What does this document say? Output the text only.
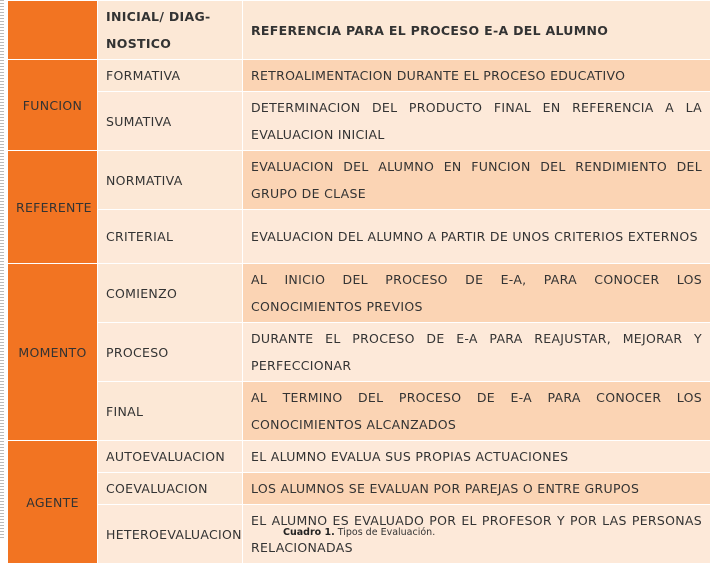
	INICIAL/ DIAG-NOSTICO	REFERENCIA PARA EL PROCESO E-A DEL ALUMNO
FUNCION	FORMATIVA	RETROALIMENTACION DURANTE EL PROCESO EDUCATIVO
	SUMATIVA	DETERMINACION DEL PRODUCTO FINAL EN REFERENCIA A LA EVALUACION INICIAL
REFERENTE	NORMATIVA	EVALUACION DEL ALUMNO EN FUNCION DEL RENDIMIENTO DEL GRUPO DE CLASE
	CRITERIAL	EVALUACION DEL ALUMNO A PARTIR DE UNOS CRITERIOS EXTERNOS
MOMENTO	COMIENZO	AL INICIO DEL PROCESO DE E-A, PARA CONOCER LOS CONOCIMIENTOS PREVIOS
	PROCESO	DURANTE EL PROCESO DE E-A PARA REAJUSTAR, MEJORAR Y PERFECCIONAR
	FINAL	AL TERMINO DEL PROCESO DE E-A PARA CONOCER LOS CONOCIMIENTOS ALCANZADOS
AGENTE	AUTOEVALUACION	EL ALUMNO EVALUA SUS PROPIAS ACTUACIONES
	COEVALUACION	LOS ALUMNOS SE EVALUAN POR PAREJAS O ENTRE GRUPOS
	HETEROEVALUACION	EL ALUMNO ES EVALUADO POR EL PROFESOR Y POR LAS PERSONAS RELACIONADAS
Cuadro 1. Tipos de Evaluación.
